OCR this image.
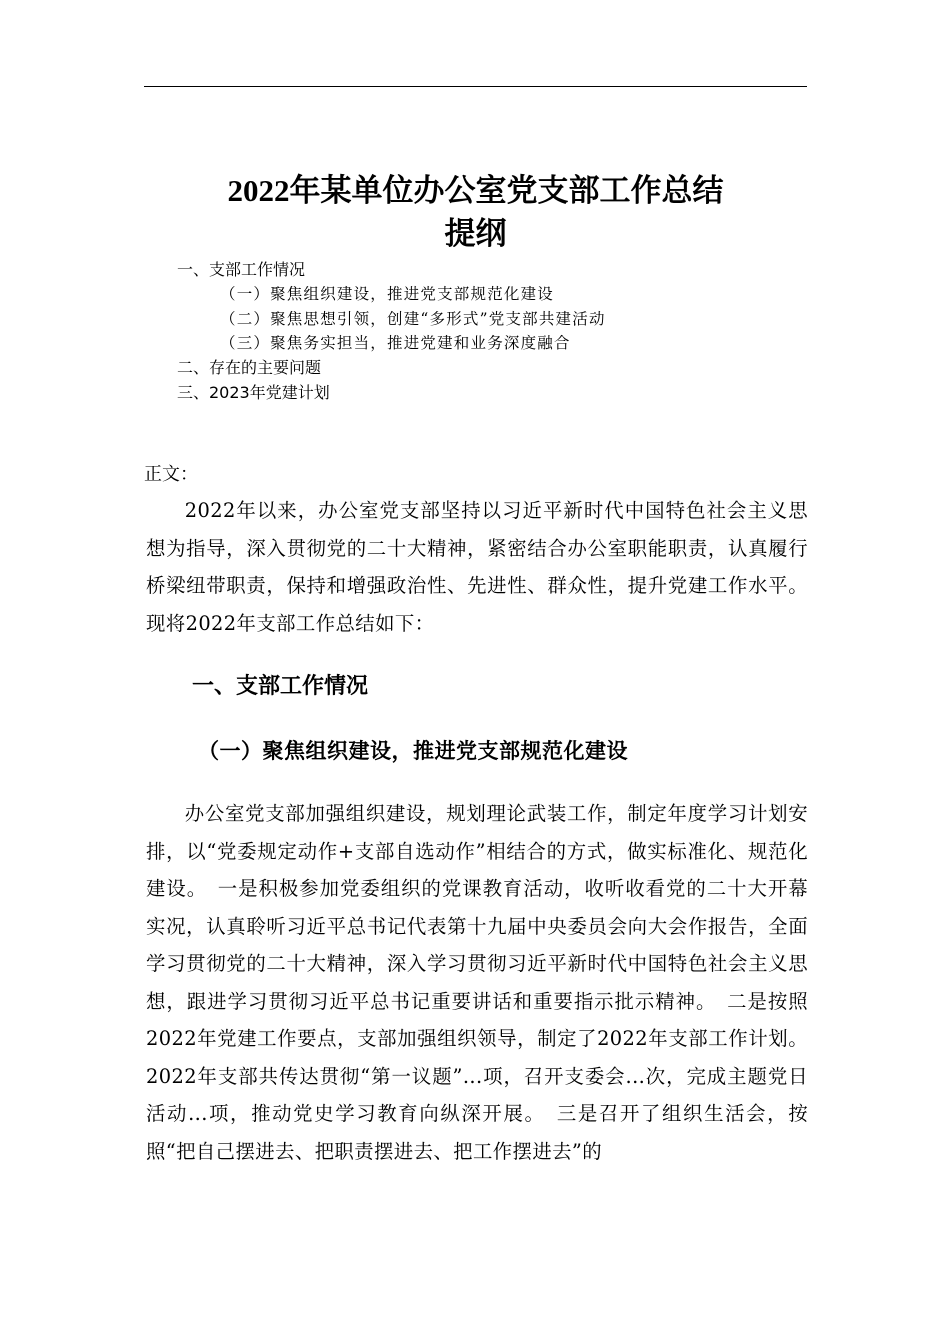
2022年某单位办公室党支部工作总结
提纲
一、支部工作情况
（一）聚焦组织建设，推进党支部规范化建设
（二）聚焦思想引领，创建“多形式”党支部共建活动
（三）聚焦务实担当，推进党建和业务深度融合
二、存在的主要问题
三、2023年党建计划
正文：

2022年以来，办公室党支部坚持以习近平新时代中国特色社会主义思想为指导，深入贯彻党的二十大精神，紧密结合办公室职能职责，认真履行桥梁纽带职责，保持和增强政治性、先进性、群众性，提升党建工作水平。现将2022年支部工作总结如下：

一、支部工作情况
（一）聚焦组织建设，推进党支部规范化建设

办公室党支部加强组织建设，规划理论武装工作，制定年度学习计划安排，以“党委规定动作+支部自选动作”相结合的方式，做实标准化、规范化建设。　一是积极参加党委组织的党课教育活动，收听收看党的二十大开幕实况，认真聆听习近平总书记代表第十九届中央委员会向大会作报告，全面学习贯彻党的二十大精神，深入学习贯彻习近平新时代中国特色社会主义思想，跟进学习贯彻习近平总书记重要讲话和重要指示批示精神。　二是按照2022年党建工作要点，支部加强组织领导，制定了2022年支部工作计划。2022年支部共传达贯彻“第一议题”...项，召开支委会...次，完成主题党日活动...项，推动党史学习教育向纵深开展。　三是召开了组织生活会，按照“把自己摆进去、把职责摆进去、把工作摆进去”的
